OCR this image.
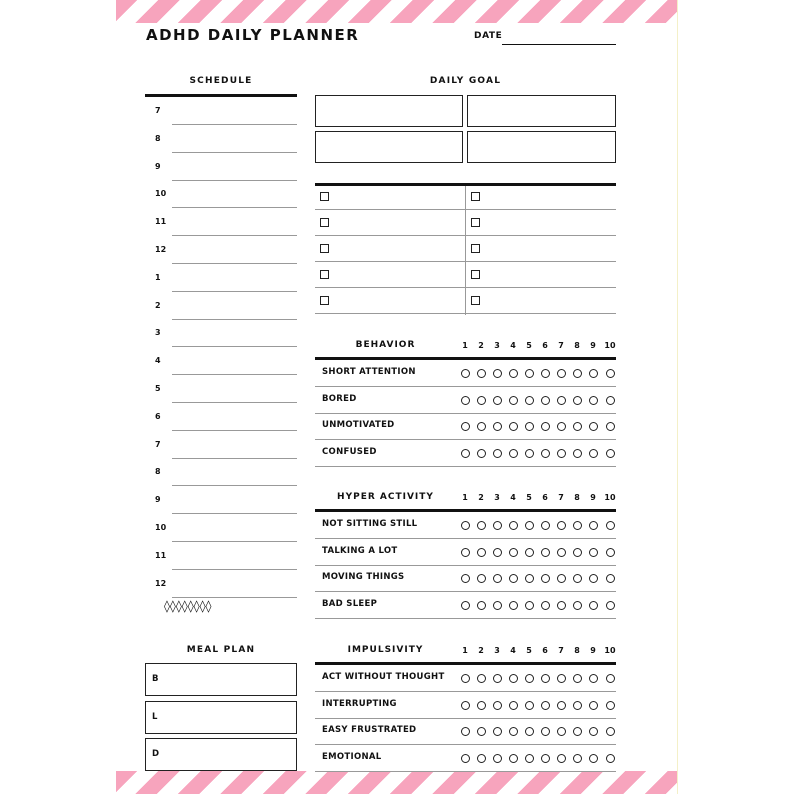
ADHD DAILY PLANNER	DATE
SCHEDULE
7
8
9
10
11
12
1
2
3
4
5
6
7
8
9
10
11
12
◊◊◊◊◊◊◊◊
DAILY GOAL
BEHAVIOR	1	2	3	4	5	6	7	8	9	10
SHORT ATTENTION
BORED
UNMOTIVATED
CONFUSED
HYPER ACTIVITY	1	2	3	4	5	6	7	8	9	10
NOT SITTING STILL
TALKING A LOT
MOVING THINGS
BAD SLEEP
IMPULSIVITY	1	2	3	4	5	6	7	8	9	10
ACT WITHOUT THOUGHT
INTERRUPTING
EASY FRUSTRATED
EMOTIONAL
MEAL PLAN
B
L
D
